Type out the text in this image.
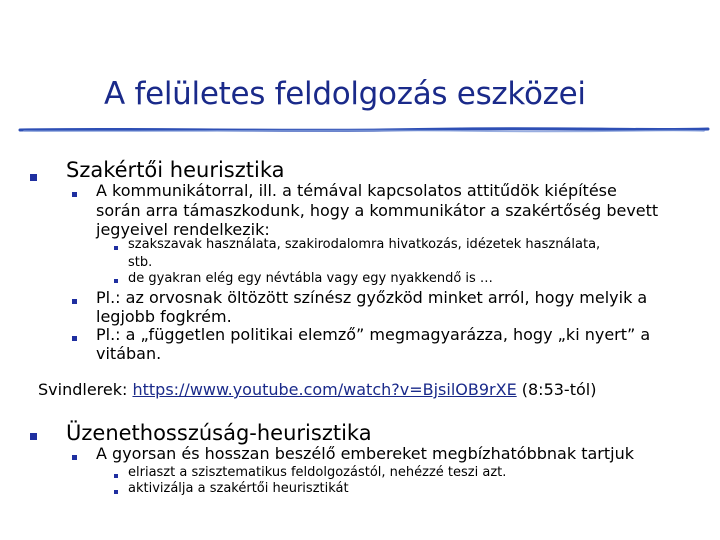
A felületes feldolgozás eszközei
Szakértői heurisztika
A kommunikátorral, ill. a témával kapcsolatos attitűdök kiépítése
során arra támaszkodunk, hogy a kommunikátor a szakértőség bevett
jegyeivel rendelkezik:
szakszavak használata, szakirodalomra hivatkozás, idézetek használata,
stb.
de gyakran elég egy névtábla vagy egy nyakkendő is …
Pl.: az orvosnak öltözött színész győzköd minket arról, hogy melyik a
legjobb fogkrém.
Pl.: a „független politikai elemző” megmagyarázza, hogy „ki nyert” a
vitában.
Svindlerek: https://www.youtube.com/watch?v=BjsilOB9rXE (8:53-tól)
Üzenethosszúság-heurisztika
A gyorsan és hosszan beszélő embereket megbízhatóbbnak tartjuk
elriaszt a szisztematikus feldolgozástól, nehézzé teszi azt.
aktivizálja a szakértői heurisztikát
